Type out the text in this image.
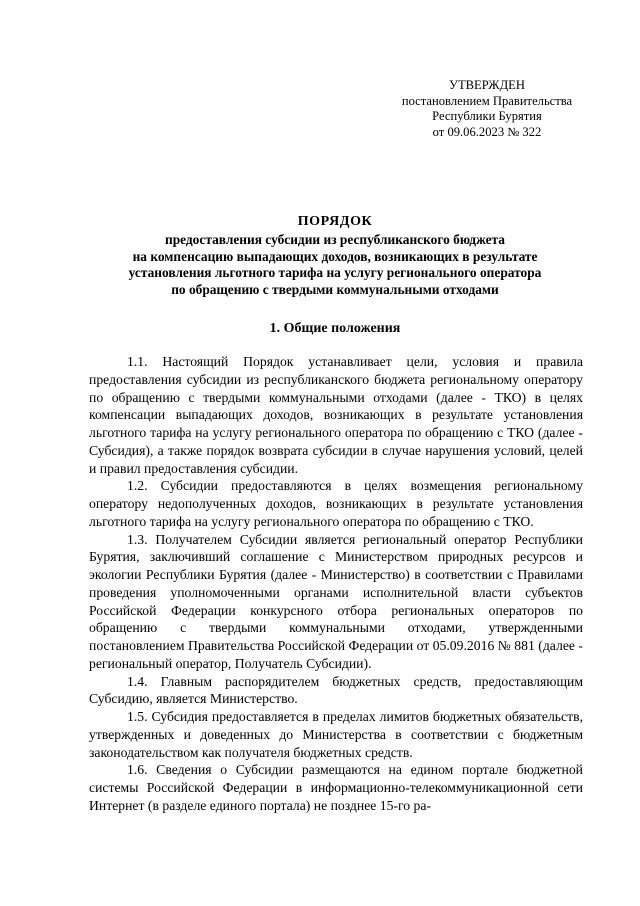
УТВЕРЖДЕН
постановлением Правительства
Республики Бурятия
от 09.06.2023 № 322
ПОРЯДОК
предоставления субсидии из республиканского бюджета
на компенсацию выпадающих доходов, возникающих в результате
установления льготного тарифа на услугу регионального оператора
по обращению с твердыми коммунальными отходами
1. Общие положения

1.1. Настоящий Порядок устанавливает цели, условия и правила предоставления субсидии из республиканского бюджета региональному оператору по обращению с твердыми коммунальными отходами (далее - ТКО) в целях компенсации выпадающих доходов, возникающих в результате установления льготного тарифа на услугу регионального оператора по обращению с ТКО (далее - Субсидия), а также порядок возврата субсидии в случае нарушения условий, целей и правил предоставления субсидии.

1.2. Субсидии предоставляются в целях возмещения региональному оператору недополученных доходов, возникающих в результате установления льготного тарифа на услугу регионального оператора по обращению с ТКО.

1.3. Получателем Субсидии является региональный оператор Республики Бурятия, заключивший соглашение с Министерством природных ресурсов и экологии Республики Бурятия (далее - Министерство) в соответствии с Правилами проведения уполномоченными органами исполнительной власти субъектов Российской Федерации конкурсного отбора региональных операторов по обращению с твердыми коммунальными отходами, утвержденными постановлением Правительства Российской Федерации от 05.09.2016 № 881 (далее - региональный оператор, Получатель Субсидии).

1.4. Главным распорядителем бюджетных средств, предоставляющим Субсидию, является Министерство.

1.5. Субсидия предоставляется в пределах лимитов бюджетных обязательств, утвержденных и доведенных до Министерства в соответствии с бюджетным законодательством как получателя бюджетных средств.

1.6. Сведения о Субсидии размещаются на едином портале бюджетной системы Российской Федерации в информационно-телекоммуникационной сети Интернет (в разделе единого портала) не позднее 15-го ра-
